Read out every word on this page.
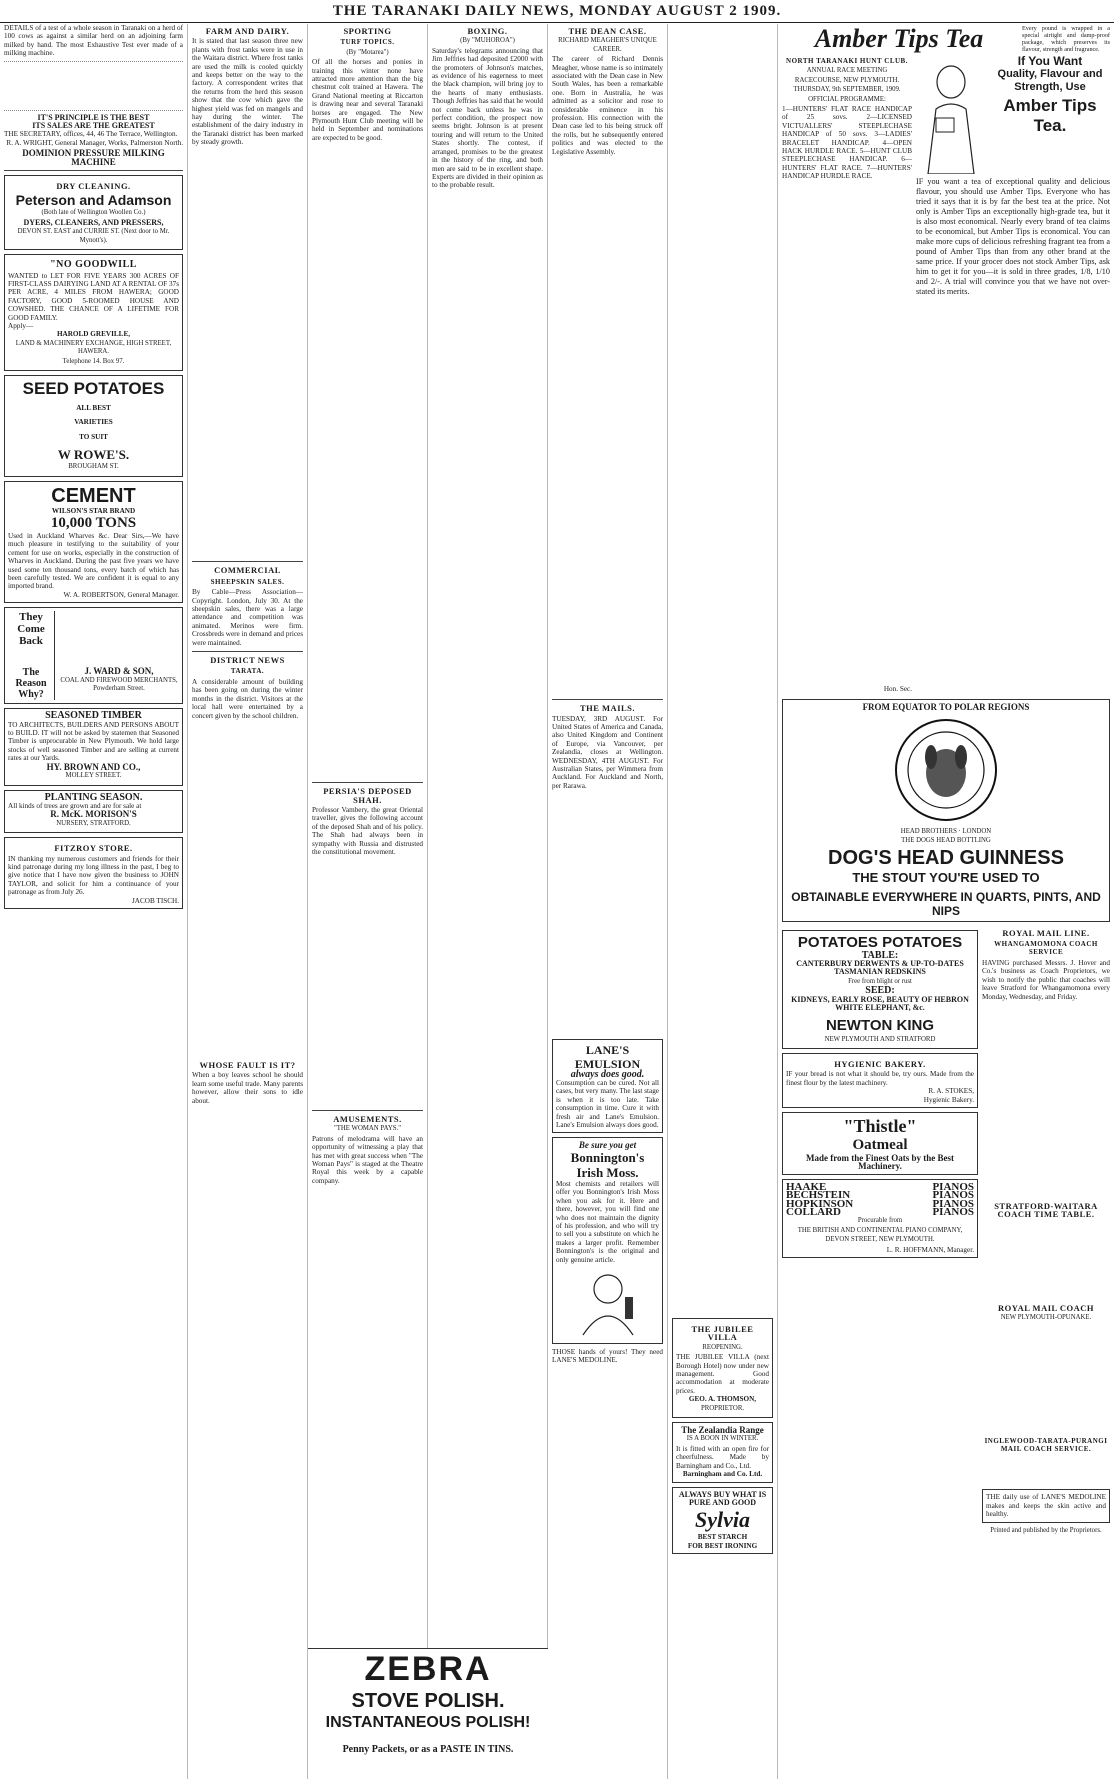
THE TARANAKI DAILY NEWS, MONDAY AUGUST 2 1909.
DETAILS of a test of a whole season in Taranaki on a herd of 100 cows as against a similar herd on an adjoining farm milked by hand. The most Exhaustive Test ever made of a milking machine.
IT'S PRINCIPLE IS THE BEST
ITS SALES ARE THE GREATEST
THE SECRETARY, offices, 44, 46 The Terrace, Wellington.
R. A. WRIGHT, General Manager, Works, Palmerston North.
DOMINION PRESSURE MILKING MACHINE
DRY CLEANING.
Peterson and Adamson
(Both late of Wellington Woollen Co.)
DYERS, CLEANERS, AND PRESSERS,
DEVON ST. EAST and CURRIE ST. (Next door to Mr. Mynott's).
"NO GOODWILL
WANTED to LET FOR FIVE YEARS 300 ACRES OF FIRST-CLASS DAIRYING LAND AT A RENTAL OF 37s PER ACRE, 4 MILES FROM HAWERA; GOOD FACTORY, GOOD 5-ROOMED HOUSE AND COWSHED. THE CHANCE OF A LIFETIME FOR GOOD FAMILY.
Apply—
HAROLD GREVILLE,
LAND & MACHINERY EXCHANGE, HIGH STREET, HAWERA.
Telephone 14. Box 97.
SEED POTATOES
ALL BEST
VARIETIES
TO SUIT
W ROWE'S.
BROUGHAM ST.
CEMENT
WILSON'S STAR BRAND
10,000 TONS
Used in Auckland Wharves &c. Dear Sirs,—We have much pleasure in testifying to the suitability of your cement for use on works, especially in the construction of Wharves in Auckland. During the past five years we have used some ten thousand tons, every batch of which has been carefully tested. We are confident it is equal to any imported brand.
W. A. ROBERTSON, General Manager.
They Come Back
The Reason Why?
J. WARD & SON,
COAL AND FIREWOOD MERCHANTS, Powderham Street.
SEASONED TIMBER
TO ARCHITECTS, BUILDERS AND PERSONS ABOUT to BUILD. IT will not be asked by statemen that Seasoned Timber is unprocurable in New Plymouth. We hold large stocks of well seasoned Timber and are selling at current rates at our Yards.
HY. BROWN AND CO.,
MOLLEY STREET.
PLANTING SEASON.
All kinds of trees are grown and are for sale at
R. McK. MORISON'S
NURSERY, STRATFORD.
FITZROY STORE.
IN thanking my numerous customers and friends for their kind patronage during my long illness in the past, I beg to give notice that I have now given the business to JOHN TAYLOR, and solicit for him a continuance of your patronage as from July 26.
JACOB TISCH.
FARM AND DAIRY.
It is stated that last season three new plants with frost tanks were in use in the Waitara district. Where frost tanks are used the milk is cooled quickly and keeps better on the way to the factory. A correspondent writes that the returns from the herd this season show that the cow which gave the highest yield was fed on mangels and hay during the winter. The establishment of the dairy industry in the Taranaki district has been marked by steady growth.
COMMERCIAL
SHEEPSKIN SALES.
By Cable—Press Association—Copyright. London, July 30. At the sheepskin sales, there was a large attendance and competition was animated. Merinos were firm. Crossbreds were in demand and prices were maintained.
DISTRICT NEWS
TARATA.
A considerable amount of building has been going on during the winter months in the district. Visitors at the local hall were entertained by a concert given by the school children.
WHOSE FAULT IS IT?
When a boy leaves school he should learn some useful trade. Many parents however, allow their sons to idle about.
SPORTING
TURF TOPICS.
(By "Motarea")
Of all the horses and ponies in training this winter none have attracted more attention than the big chestnut colt trained at Hawera. The Grand National meeting at Riccarton is drawing near and several Taranaki horses are engaged. The New Plymouth Hunt Club meeting will be held in September and nominations are expected to be good.
PERSIA'S DEPOSED SHAH.
Professor Vambery, the great Oriental traveller, gives the following account of the deposed Shah and of his policy. The Shah had always been in sympathy with Russia and distrusted the constitutional movement.
AMUSEMENTS.
"THE WOMAN PAYS."
Patrons of melodrama will have an opportunity of witnessing a play that has met with great success when "The Woman Pays" is staged at the Theatre Royal this week by a capable company.
BOXING.
(By "MUHOROA")
Saturday's telegrams announcing that Jim Jeffries had deposited £2000 with the promoters of Johnson's matches, as evidence of his eagerness to meet the black champion, will bring joy to the hearts of many enthusiasts. Though Jeffries has said that he would not come back unless he was in perfect condition, the prospect now seems bright. Johnson is at present touring and will return to the United States shortly. The contest, if arranged, promises to be the greatest in the history of the ring, and both men are said to be in excellent shape. Experts are divided in their opinion as to the probable result.
THE DEAN CASE.
RICHARD MEAGHER'S UNIQUE CAREER.
The career of Richard Dennis Meagher, whose name is so intimately associated with the Dean case in New South Wales, has been a remarkable one. Born in Australia, he was admitted as a solicitor and rose to considerable eminence in his profession. His connection with the Dean case led to his being struck off the rolls, but he subsequently entered politics and was elected to the Legislative Assembly.
THE MAILS.
TUESDAY, 3RD AUGUST. For United States of America and Canada, also United Kingdom and Continent of Europe, via Vancouver, per Zealandia, closes at Wellington. WEDNESDAY, 4TH AUGUST. For Australian States, per Wimmera from Auckland. For Auckland and North, per Rarawa.
LANE'S EMULSION
always does good.
Consumption can be cured. Not all cases, but very many. The last stage is when it is too late. Take consumption in time. Cure it with fresh air and Lane's Emulsion. Lane's Emulsion always does good.
Be sure you get
Bonnington's Irish Moss.
Most chemists and retailers will offer you Bonnington's Irish Moss when you ask for it. Here and there, however, you will find one who does not maintain the dignity of his profession, and who will try to sell you a substitute on which he makes a larger profit. Remember Bonnington's is the original and only genuine article.
THOSE hands of yours! They need LANE'S MEDOLINE.
THE JUBILEE VILLA
REOPENING.
THE JUBILEE VILLA (next Borough Hotel) now under new management. Good accommodation at moderate prices.
GEO. A. THOMSON,
PROPRIETOR.
The Zealandia Range
IS A BOON IN WINTER.
It is fitted with an open fire for cheerfulness. Made by Barningham and Co., Ltd.
Barningham and Co. Ltd.
ALWAYS BUY WHAT IS PURE AND GOOD
Sylvia
BEST STARCH
FOR BEST IRONING
Amber Tips Tea	Every pound is wrapped in a special airtight and damp-proof package, which preserves its flavour, strength and fragrance.
NORTH TARANAKI HUNT CLUB.
ANNUAL RACE MEETING
RACECOURSE, NEW PLYMOUTH.
THURSDAY, 9th SEPTEMBER, 1909.
OFFICIAL PROGRAMME:
1—HUNTERS' FLAT RACE HANDICAP of 25 sovs. 2—LICENSED VICTUALLERS' STEEPLECHASE HANDICAP of 50 sovs. 3—LADIES' BRACELET HANDICAP. 4—OPEN HACK HURDLE RACE. 5—HUNT CLUB STEEPLECHASE HANDICAP. 6—HUNTERS' FLAT RACE. 7—HUNTERS' HANDICAP HURDLE RACE.
Hon. Sec.
If You Want
Quality, Flavour and Strength, Use
Amber Tips Tea.
IF you want a tea of exceptional quality and delicious flavour, you should use Amber Tips. Everyone who has tried it says that it is by far the best tea at the price. Not only is Amber Tips an exceptionally high-grade tea, but it is also most economical. Nearly every brand of tea claims to be economical, but Amber Tips is economical. You can make more cups of delicious refreshing fragrant tea from a pound of Amber Tips than from any other brand at the same price. If your grocer does not stock Amber Tips, ask him to get it for you—it is sold in three grades, 1/8, 1/10 and 2/-. A trial will convince you that we have not over-stated its merits.
FROM EQUATOR TO POLAR REGIONS
HEAD BROTHERS · LONDON
THE DOGS HEAD BOTTLING
DOG'S HEAD GUINNESS
THE STOUT YOU'RE USED TO
OBTAINABLE EVERYWHERE IN QUARTS, PINTS, AND NIPS
POTATOES POTATOES
TABLE:
CANTERBURY DERWENTS & UP-TO-DATES TASMANIAN REDSKINS
Free from blight or rust
SEED:
KIDNEYS, EARLY ROSE, BEAUTY OF HEBRON WHITE ELEPHANT, &c.
NEWTON KING
NEW PLYMOUTH AND STRATFORD
HYGIENIC BAKERY.
IF your bread is not what it should be, try ours. Made from the finest flour by the latest machinery.
R. A. STOKES,
Hygienic Bakery.
"Thistle"
Oatmeal
Made from the Finest Oats by the Best Machinery.
HAAKE	PIANOS
BECHSTEIN	PIANOS
HOPKINSON	PIANOS
COLLARD	PIANOS
Procurable from
THE BRITISH AND CONTINENTAL PIANO COMPANY,
DEVON STREET, NEW PLYMOUTH.
L. R. HOFFMANN, Manager.
ROYAL MAIL LINE.
WHANGAMOMONA COACH SERVICE
HAVING purchased Messrs. J. Hover and Co.'s business as Coach Proprietors, we wish to notify the public that coaches will leave Stratford for Whangamomona every Monday, Wednesday, and Friday.
STRATFORD-WAITARA COACH TIME TABLE.
ROYAL MAIL COACH
NEW PLYMOUTH-OPUNAKE.
INGLEWOOD-TARATA-PURANGI MAIL COACH SERVICE.
THE daily use of LANE'S MEDOLINE makes and keeps the skin active and healthy.
Printed and published by the Proprietors.
ZEBRA
STOVE POLISH.
INSTANTANEOUS POLISH!
Penny Packets, or as a PASTE IN TINS.
